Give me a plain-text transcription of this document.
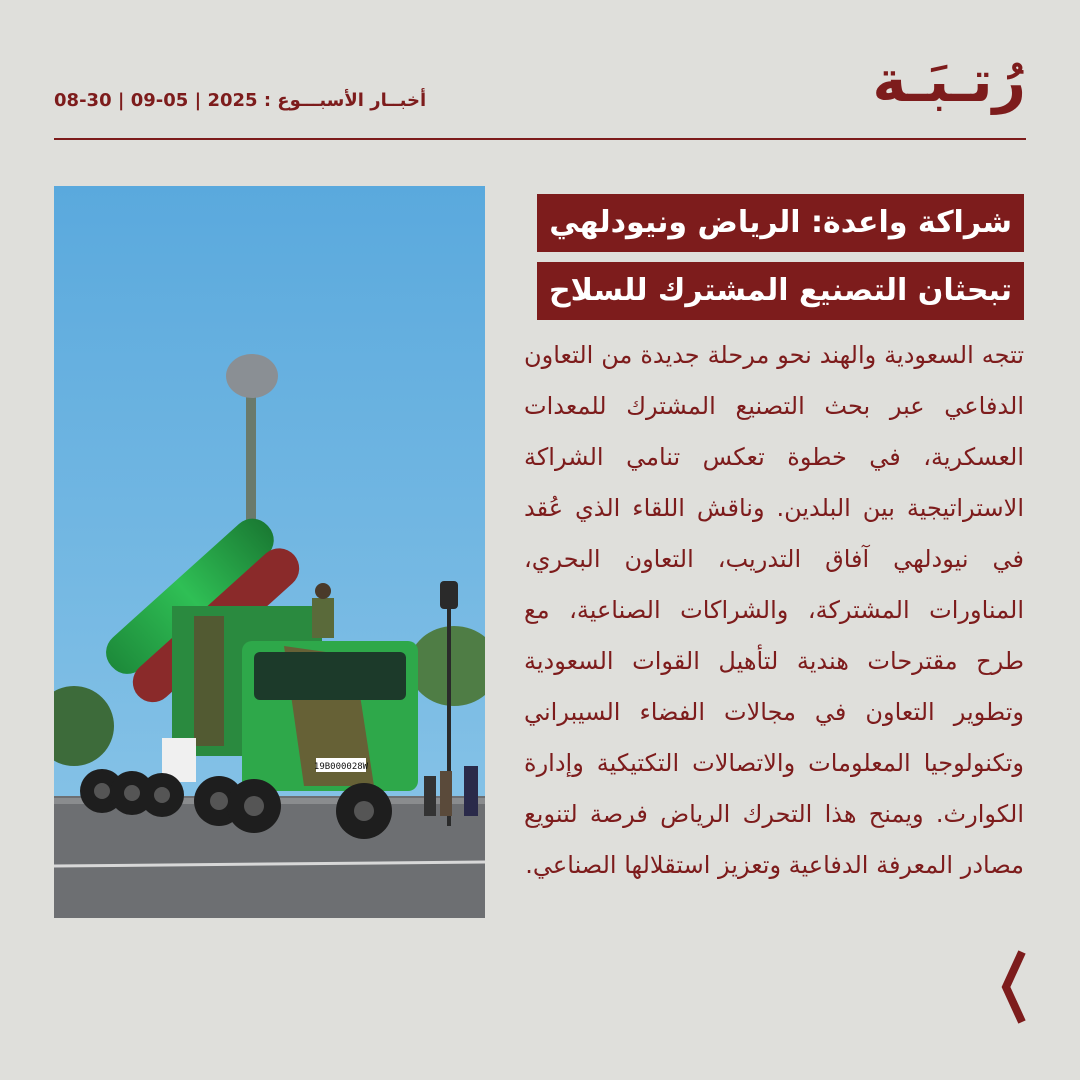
رُتـبَـة
أخبــار الأسبـــوع : 2025 | 05-09 | 30-08
19B000028W
شراكة واعدة: الرياض ونيودلهي
تبحثان التصنيع المشترك للسلاح

تتجه السعودية والهند نحو مرحلة جديدة من التعاون الدفاعي عبر بحث التصنيع المشترك للمعدات العسكرية، في خطوة تعكس تنامي الشراكة الاستراتيجية بين البلدين. وناقش اللقاء الذي عُقد في نيودلهي آفاق التدريب، التعاون البحري، المناورات المشتركة، والشراكات الصناعية، مع طرح مقترحات هندية لتأهيل القوات السعودية وتطوير التعاون في مجالات الفضاء السيبراني وتكنولوجيا المعلومات والاتصالات التكتيكية وإدارة الكوارث. ويمنح هذا التحرك الرياض فرصة لتنويع مصادر المعرفة الدفاعية وتعزيز استقلالها الصناعي.
